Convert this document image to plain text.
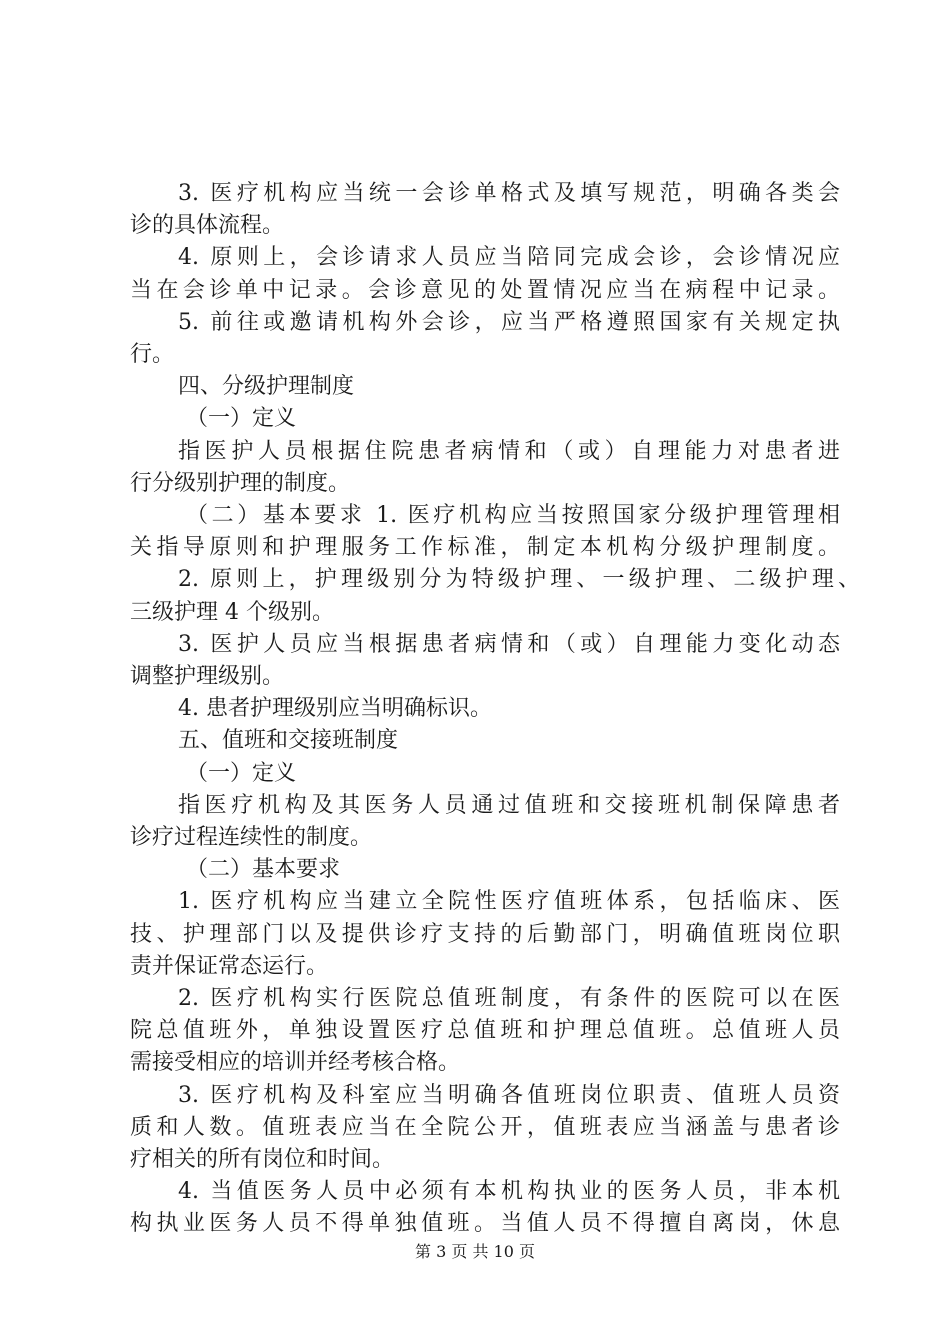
3. 医疗机构应当统一会诊单格式及填写规范，明确各类会
诊的具体流程。
4. 原则上，会诊请求人员应当陪同完成会诊，会诊情况应
当在会诊单中记录。会诊意见的处置情况应当在病程中记录。
5. 前往或邀请机构外会诊，应当严格遵照国家有关规定执
行。
四、分级护理制度
（一）定义
指医护人员根据住院患者病情和（或）自理能力对患者进
行分级别护理的制度。
（二）基本要求 1. 医疗机构应当按照国家分级护理管理相
关指导原则和护理服务工作标准，制定本机构分级护理制度。
2. 原则上，护理级别分为特级护理、一级护理、二级护理、
三级护理 4 个级别。
3. 医护人员应当根据患者病情和（或）自理能力变化动态
调整护理级别。
4. 患者护理级别应当明确标识。
五、值班和交接班制度
（一）定义
指医疗机构及其医务人员通过值班和交接班机制保障患者
诊疗过程连续性的制度。
（二）基本要求
1. 医疗机构应当建立全院性医疗值班体系，包括临床、医
技、护理部门以及提供诊疗支持的后勤部门，明确值班岗位职
责并保证常态运行。
2. 医疗机构实行医院总值班制度，有条件的医院可以在医
院总值班外，单独设置医疗总值班和护理总值班。总值班人员
需接受相应的培训并经考核合格。
3. 医疗机构及科室应当明确各值班岗位职责、值班人员资
质和人数。值班表应当在全院公开，值班表应当涵盖与患者诊
疗相关的所有岗位和时间。
4. 当值医务人员中必须有本机构执业的医务人员，非本机
构执业医务人员不得单独值班。当值人员不得擅自离岗，休息
第 3 页 共 10 页
